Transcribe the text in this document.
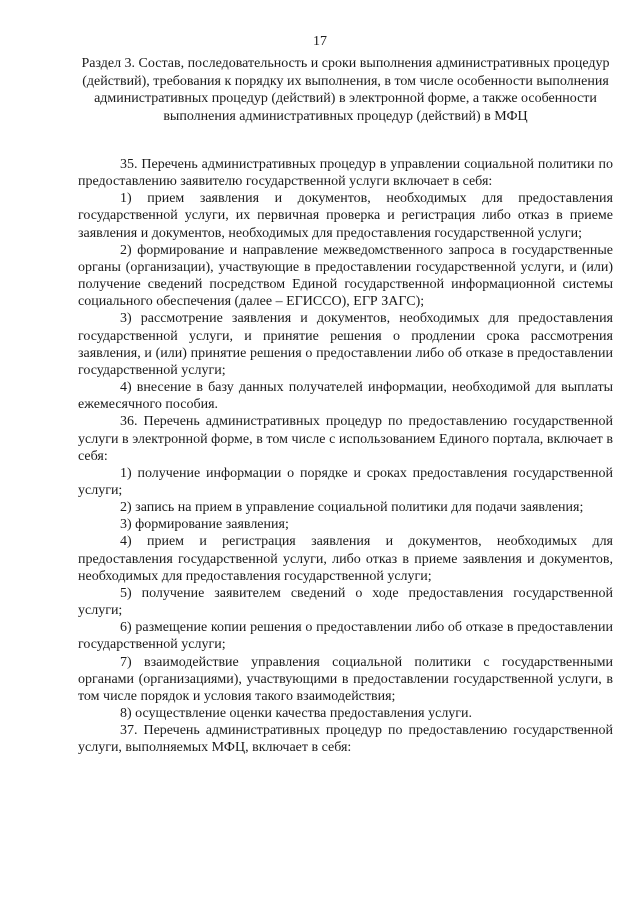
17
Раздел 3. Состав, последовательность и сроки выполнения административных процедур (действий), требования к порядку их выполнения, в том числе особенности выполнения административных процедур (действий) в электронной форме, а также особенности выполнения административных процедур (действий) в МФЦ

35. Перечень административных процедур в управлении социальной политики по предоставлению заявителю государственной услуги включает в себя:

1) прием заявления и документов, необходимых для предоставления государственной услуги, их первичная проверка и регистрация либо отказ в приеме заявления и документов, необходимых для предоставления государственной услуги;

2) формирование и направление межведомственного запроса в государственные органы (организации), участвующие в предоставлении государственной услуги, и (или) получение сведений посредством Единой государственной информационной системы социального обеспечения (далее – ЕГИССО), ЕГР ЗАГС);

3) рассмотрение заявления и документов, необходимых для предоставления государственной услуги, и принятие решения о продлении срока рассмотрения заявления, и (или) принятие решения о предоставлении либо об отказе в предоставлении государственной услуги;

4) внесение в базу данных получателей информации, необходимой для выплаты ежемесячного пособия.

36. Перечень административных процедур по предоставлению государственной услуги в электронной форме, в том числе с использованием Единого портала, включает в себя:

1) получение информации о порядке и сроках предоставления государственной услуги;

2) запись на прием в управление социальной политики для подачи заявления;

3) формирование заявления;

4) прием и регистрация заявления и документов, необходимых для предоставления государственной услуги, либо отказ в приеме заявления и документов, необходимых для предоставления государственной услуги;

5) получение заявителем сведений о ходе предоставления государственной услуги;

6) размещение копии решения о предоставлении либо об отказе в предоставлении государственной услуги;

7) взаимодействие управления социальной политики с государственными органами (организациями), участвующими в предоставлении государственной услуги, в том числе порядок и условия такого взаимодействия;

8) осуществление оценки качества предоставления услуги.

37. Перечень административных процедур по предоставлению государственной услуги, выполняемых МФЦ, включает в себя:
